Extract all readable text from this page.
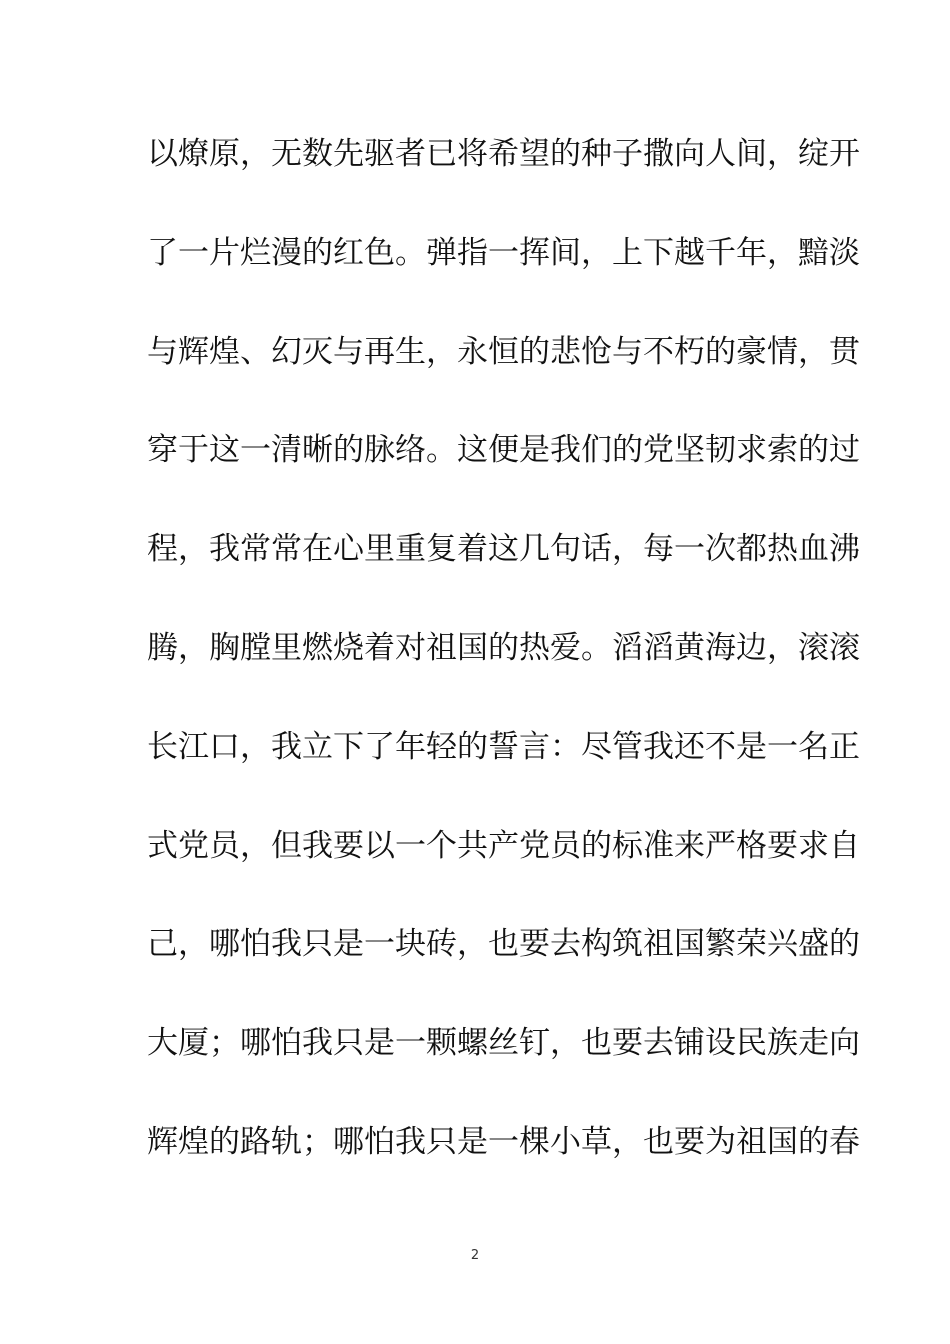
以燎原，无数先驱者已将希望的种子撒向人间，绽开
了一片烂漫的红色。弹指一挥间，上下越千年，黯淡
与辉煌、幻灭与再生，永恒的悲怆与不朽的豪情，贯
穿于这一清晰的脉络。这便是我们的党坚韧求索的过
程，我常常在心里重复着这几句话，每一次都热血沸
腾，胸膛里燃烧着对祖国的热爱。滔滔黄海边，滚滚
长江口，我立下了年轻的誓言：尽管我还不是一名正
式党员，但我要以一个共产党员的标准来严格要求自
己，哪怕我只是一块砖，也要去构筑祖国繁荣兴盛的
大厦；哪怕我只是一颗螺丝钉，也要去铺设民族走向
辉煌的路轨；哪怕我只是一棵小草，也要为祖国的春
2
